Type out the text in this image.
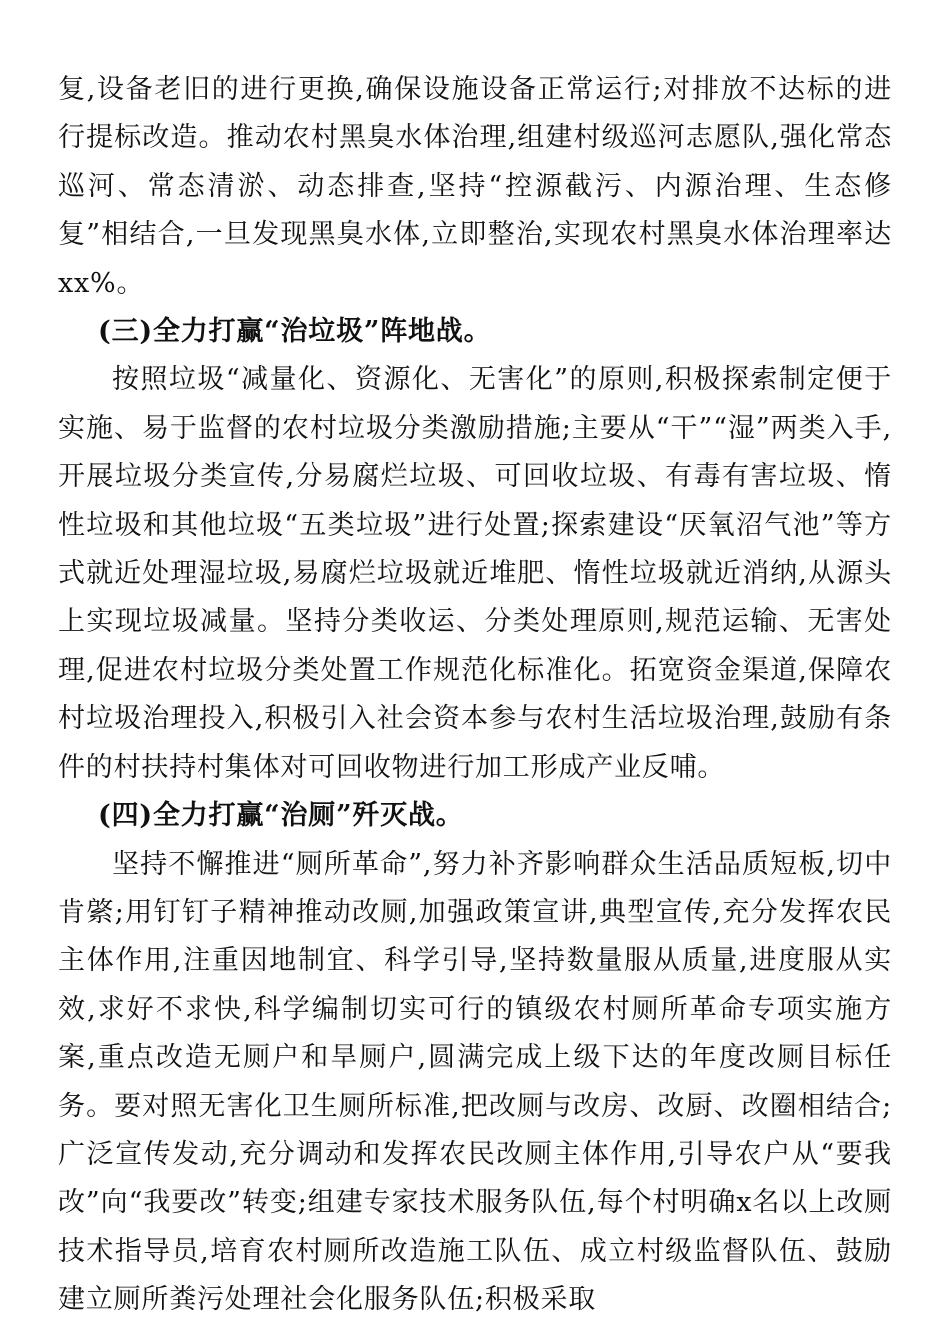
复,设备老旧的进行更换,确保设施设备正常运行;对排放不达标的进行提标改造。推动农村黑臭水体治理,组建村级巡河志愿队,强化常态巡河、常态清淤、动态排查,坚持“控源截污、内源治理、生态修复”相结合,一旦发现黑臭水体,立即整治,实现农村黑臭水体治理率达xx%。

(三)全力打赢“治垃圾”阵地战。

按照垃圾“减量化、资源化、无害化”的原则,积极探索制定便于实施、易于监督的农村垃圾分类激励措施;主要从“干”“湿”两类入手,开展垃圾分类宣传,分易腐烂垃圾、可回收垃圾、有毒有害垃圾、惰性垃圾和其他垃圾“五类垃圾”进行处置;探索建设“厌氧沼气池”等方式就近处理湿垃圾,易腐烂垃圾就近堆肥、惰性垃圾就近消纳,从源头上实现垃圾减量。坚持分类收运、分类处理原则,规范运输、无害处理,促进农村垃圾分类处置工作规范化标准化。拓宽资金渠道,保障农村垃圾治理投入,积极引入社会资本参与农村生活垃圾治理,鼓励有条件的村扶持村集体对可回收物进行加工形成产业反哺。

(四)全力打赢“治厕”歼灭战。

坚持不懈推进“厕所革命”,努力补齐影响群众生活品质短板,切中肯綮;用钉钉子精神推动改厕,加强政策宣讲,典型宣传,充分发挥农民主体作用,注重因地制宜、科学引导,坚持数量服从质量,进度服从实效,求好不求快,科学编制切实可行的镇级农村厕所革命专项实施方案,重点改造无厕户和旱厕户,圆满完成上级下达的年度改厕目标任务。要对照无害化卫生厕所标准,把改厕与改房、改厨、改圈相结合;广泛宣传发动,充分调动和发挥农民改厕主体作用,引导农户从“要我改”向“我要改”转变;组建专家技术服务队伍,每个村明确x名以上改厕技术指导员,培育农村厕所改造施工队伍、成立村级监督队伍、鼓励建立厕所粪污处理社会化服务队伍;积极采取
